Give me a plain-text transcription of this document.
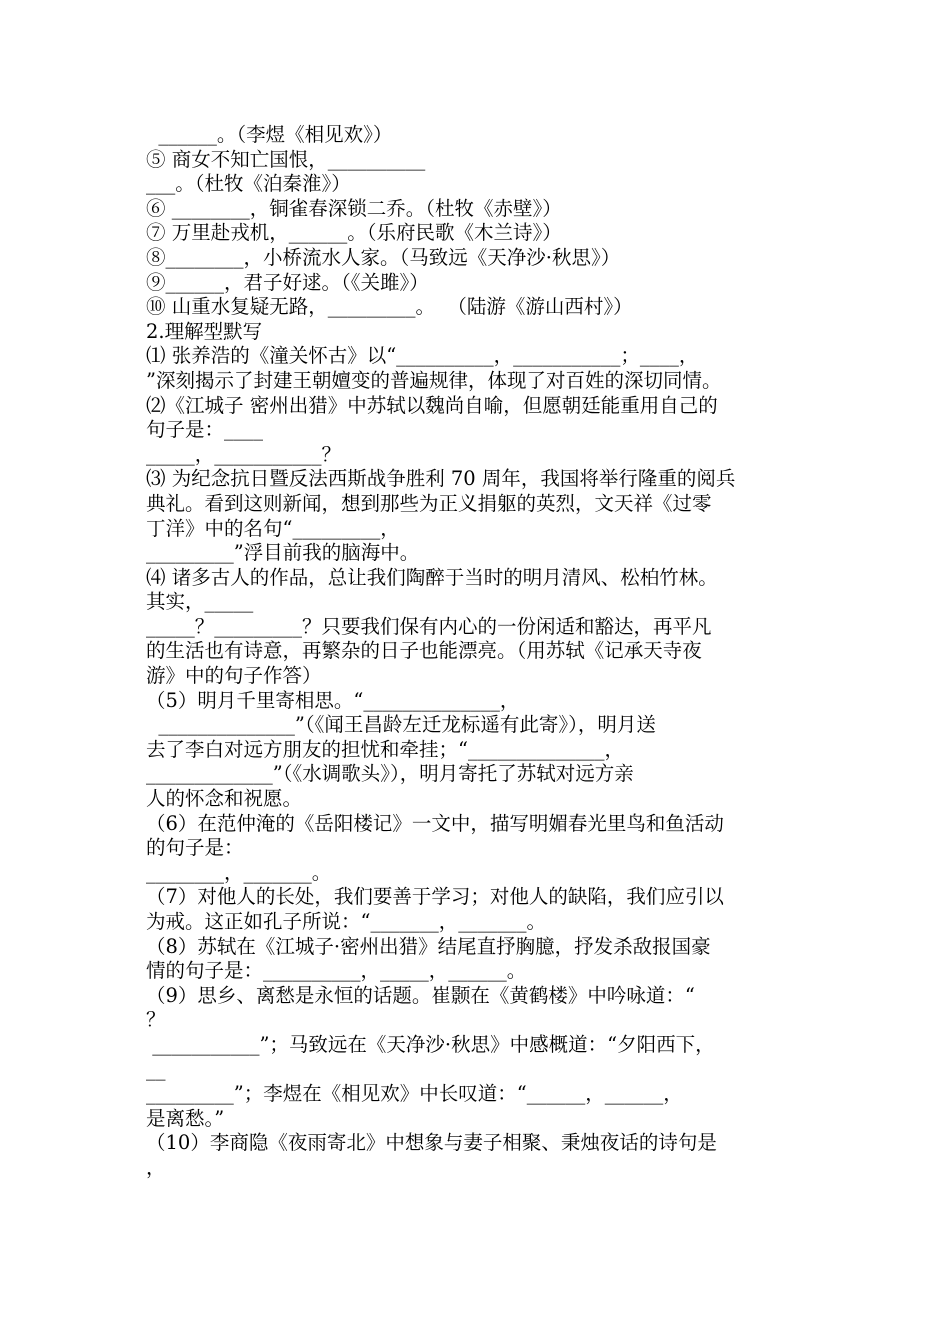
______。（李煜《相见欢》）
⑤ 商女不知亡国恨，__________
___。（杜牧《泊秦淮》）
⑥ ________，铜雀春深锁二乔。（杜牧《赤壁》）
⑦ 万里赴戎机，______。（乐府民歌《木兰诗》）
⑧________，小桥流水人家。（马致远《天净沙·秋思》）
⑨______，君子好逑。（《关雎》）
⑩ 山重水复疑无路，_________。  （陆游《游山西村》）
2.理解型默写
⑴ 张养浩的《潼关怀古》以“__________，___________；____，
”深刻揭示了封建王朝嬗变的普遍规律，体现了对百姓的深切同情。
⑵《江城子 密州出猎》中苏轼以魏尚自喻，但愿朝廷能重用自己的
句子是：____
_____，___________？
⑶ 为纪念抗日暨反法西斯战争胜利 70 周年，我国将举行隆重的阅兵
典礼。看到这则新闻，想到那些为正义捐躯的英烈，文天祥《过零
丁洋》中的名句“_________，
_________”浮目前我的脑海中。
⑷ 诸多古人的作品，总让我们陶醉于当时的明月清风、松柏竹林。
其实，_____
_____？_________？只要我们保有内心的一份闲适和豁达，再平凡
的生活也有诗意，再繁杂的日子也能漂亮。（用苏轼《记承天寺夜
游》中的句子作答）
（5）明月千里寄相思。“______________，
______________”（《闻王昌龄左迁龙标遥有此寄》），明月送
去了李白对远方朋友的担忧和牵挂；“______________，
_____________”（《水调歌头》），明月寄托了苏轼对远方亲
人的怀念和祝愿。
（6）在范仲淹的《岳阳楼记》一文中，描写明媚春光里鸟和鱼活动
的句子是：
________，_______。
（7）对他人的长处，我们要善于学习；对他人的缺陷，我们应引以
为戒。这正如孔子所说：“_______，_______。
（8）苏轼在《江城子·密州出猎》结尾直抒胸臆，抒发杀敌报国豪
情的句子是：__________，_____，______。
（9）思乡、离愁是永恒的话题。崔颢在《黄鹤楼》中吟咏道：“
？
___________”；马致远在《天净沙·秋思》中感概道：“夕阳西下，
__
_________”；李煜在《相见欢》中长叹道：“______，______，
是离愁。”
（10）李商隐《夜雨寄北》中想象与妻子相聚、秉烛夜话的诗句是
，
